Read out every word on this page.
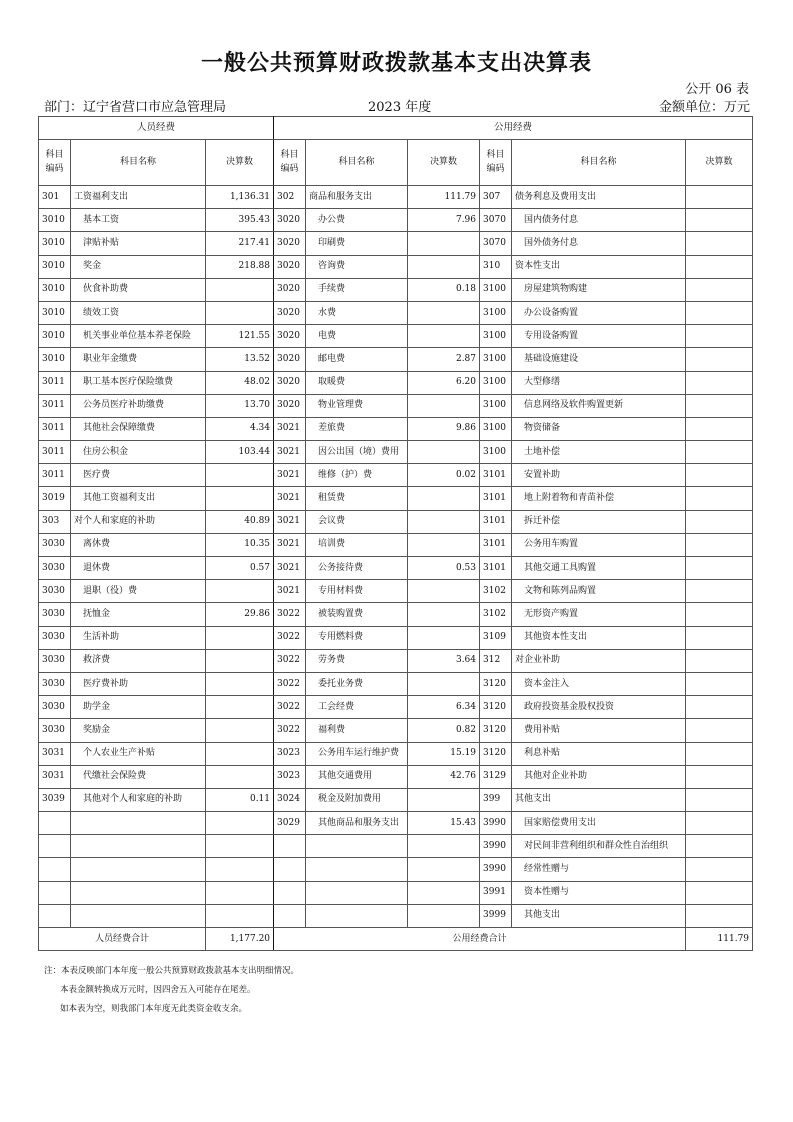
一般公共预算财政拨款基本支出决算表
公开 06 表
部门：辽宁省营口市应急管理局	2023 年度	金额单位：万元
人员经费			公用经费					
科目编码	科目名称	决算数	科目编码	科目名称	决算数	科目编码	科目名称	决算数
301	工资福利支出	1,136.31	302	商品和服务支出	111.79	307	债务利息及费用支出	
3010	基本工资	395.43	3020	办公费	7.96	3070	国内债务付息	
3010	津贴补贴	217.41	3020	印刷费		3070	国外债务付息	
3010	奖金	218.88	3020	咨询费		310	资本性支出	
3010	伙食补助费		3020	手续费	0.18	3100	房屋建筑物购建	
3010	绩效工资		3020	水费		3100	办公设备购置	
3010	机关事业单位基本养老保险	121.55	3020	电费		3100	专用设备购置	
3010	职业年金缴费	13.52	3020	邮电费	2.87	3100	基础设施建设	
3011	职工基本医疗保险缴费	48.02	3020	取暖费	6.20	3100	大型修缮	
3011	公务员医疗补助缴费	13.70	3020	物业管理费		3100	信息网络及软件购置更新	
3011	其他社会保障缴费	4.34	3021	差旅费	9.86	3100	物资储备	
3011	住房公积金	103.44	3021	因公出国（境）费用		3100	土地补偿	
3011	医疗费		3021	维修（护）费	0.02	3101	安置补助	
3019	其他工资福利支出		3021	租赁费		3101	地上附着物和青苗补偿	
303	对个人和家庭的补助	40.89	3021	会议费		3101	拆迁补偿	
3030	离休费	10.35	3021	培训费		3101	公务用车购置	
3030	退休费	0.57	3021	公务接待费	0.53	3101	其他交通工具购置	
3030	退职（役）费		3021	专用材料费		3102	文物和陈列品购置	
3030	抚恤金	29.86	3022	被装购置费		3102	无形资产购置	
3030	生活补助		3022	专用燃料费		3109	其他资本性支出	
3030	救济费		3022	劳务费	3.64	312	对企业补助	
3030	医疗费补助		3022	委托业务费		3120	资本金注入	
3030	助学金		3022	工会经费	6.34	3120	政府投资基金股权投资	
3030	奖励金		3022	福利费	0.82	3120	费用补贴	
3031	个人农业生产补贴		3023	公务用车运行维护费	15.19	3120	利息补贴	
3031	代缴社会保险费		3023	其他交通费用	42.76	3129	其他对企业补助	
3039	其他对个人和家庭的补助	0.11	3024	税金及附加费用		399	其他支出	
			3029	其他商品和服务支出	15.43	3990	国家赔偿费用支出	
						3990	对民间非营利组织和群众性自治组织	
						3990	经常性赠与	
						3991	资本性赠与	
						3999	其他支出	
人员经费合计		1,177.20	公用经费合计					111.79
注：本表反映部门本年度一般公共预算财政拨款基本支出明细情况。
本表金额转换成万元时，因四舍五入可能存在尾差。
如本表为空，则我部门本年度无此类资金收支余。
